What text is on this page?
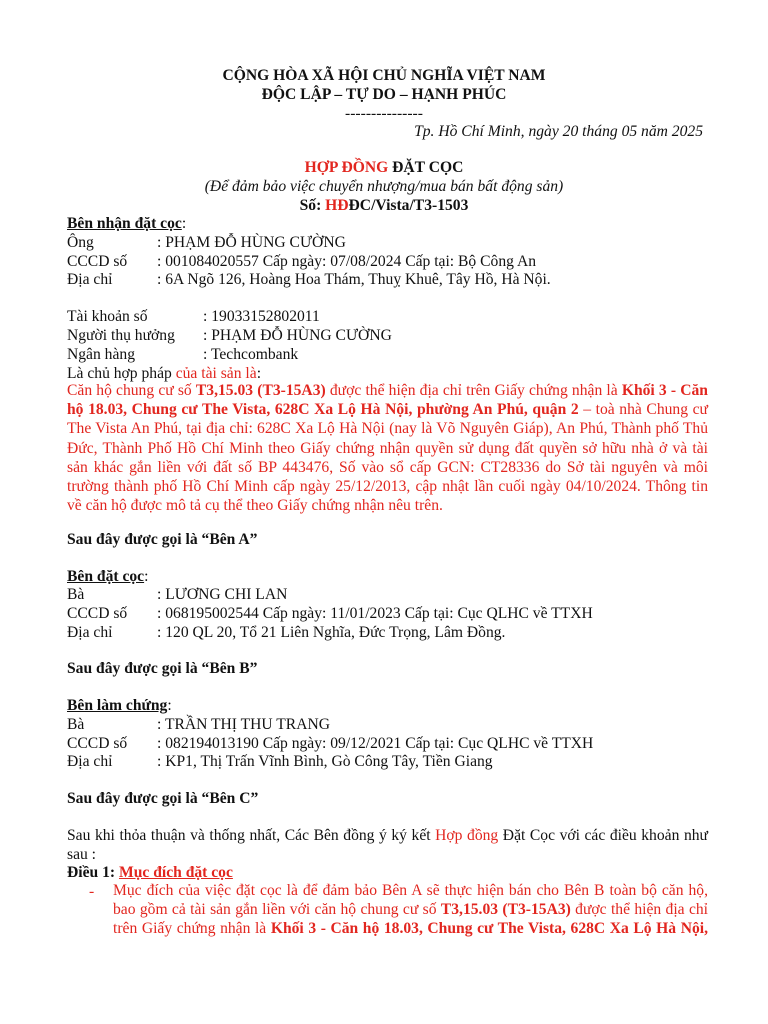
CỘNG HÒA XÃ HỘI CHỦ NGHĨA VIỆT NAM
ĐỘC LẬP – TỰ DO – HẠNH PHÚC
---------------
Tp. Hồ Chí Minh, ngày 20 tháng 05 năm 2025
HỢP ĐỒNG ĐẶT CỌC
(Để đảm bảo việc chuyển nhượng/mua bán bất động sản)
Số: HĐĐC/Vista/T3-1503
Bên nhận đặt cọc:
Ông	: PHẠM ĐỖ HÙNG CƯỜNG
CCCD số : 001084020557 Cấp ngày: 07/08/2024 Cấp tại: Bộ Công An
Địa chỉ	: 6A Ngõ 126, Hoàng Hoa Thám, Thuỵ Khuê, Tây Hồ, Hà Nội.
Tài khoản số	: 19033152802011
Người thụ hưởng : PHẠM ĐỖ HÙNG CƯỜNG
Ngân hàng	: Techcombank
Là chủ hợp pháp của tài sản là:
Căn hộ chung cư số T3,15.03 (T3-15A3) được thể hiện địa chỉ trên Giấy chứng nhận là Khối 3 - Căn
hộ 18.03, Chung cư The Vista, 628C Xa Lộ Hà Nội, phường An Phú, quận 2 – toà nhà Chung cư
The Vista An Phú, tại địa chỉ: 628C Xa Lộ Hà Nội (nay là Võ Nguyên Giáp), An Phú, Thành phố Thủ
Đức, Thành Phố Hồ Chí Minh theo Giấy chứng nhận quyền sử dụng đất quyền sở hữu nhà ở và tài
sản khác gắn liền với đất số BP 443476, Số vào sổ cấp GCN: CT28336 do Sở tài nguyên và môi
trường thành phố Hồ Chí Minh cấp ngày 25/12/2013, cập nhật lần cuối ngày 04/10/2024. Thông tin
về căn hộ được mô tả cụ thể theo Giấy chứng nhận nêu trên.
Sau đây được gọi là “Bên A”
Bên đặt cọc:
Bà	: LƯƠNG CHI LAN
CCCD số : 068195002544 Cấp ngày: 11/01/2023 Cấp tại: Cục QLHC về TTXH
Địa chỉ	: 120 QL 20, Tổ 21 Liên Nghĩa, Đức Trọng, Lâm Đồng.
Sau đây được gọi là “Bên B”
Bên làm chứng:
Bà	: TRẦN THỊ THU TRANG
CCCD số : 082194013190 Cấp ngày: 09/12/2021 Cấp tại: Cục QLHC về TTXH
Địa chỉ	: KP1, Thị Trấn Vĩnh Bình, Gò Công Tây, Tiền Giang
Sau đây được gọi là “Bên C”
Sau khi thỏa thuận và thống nhất, Các Bên đồng ý ký kết Hợp đồng Đặt Cọc với các điều khoản như
sau :
Điều 1: Mục đích đặt cọc
- Mục đích của việc đặt cọc là để đảm bảo Bên A sẽ thực hiện bán cho Bên B toàn bộ căn hộ,
bao gồm cả tài sản gắn liền với căn hộ chung cư số T3,15.03 (T3-15A3) được thể hiện địa chỉ
trên Giấy chứng nhận là Khối 3 - Căn hộ 18.03, Chung cư The Vista, 628C Xa Lộ Hà Nội,
